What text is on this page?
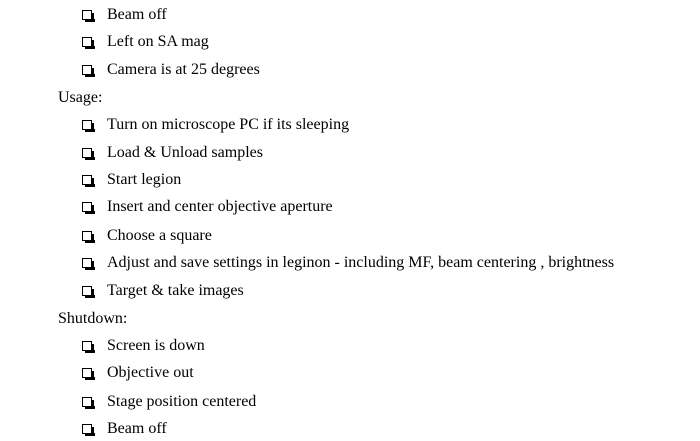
Beam off
Left on SA mag
Camera is at 25 degrees
Usage:
Turn on microscope PC if its sleeping
Load & Unload samples
Start legion
Insert and center objective aperture
Choose a square
Adjust and save settings in leginon - including MF, beam centering , brightness
Target & take images
Shutdown:
Screen is down
Objective out
Stage position centered
Beam off
